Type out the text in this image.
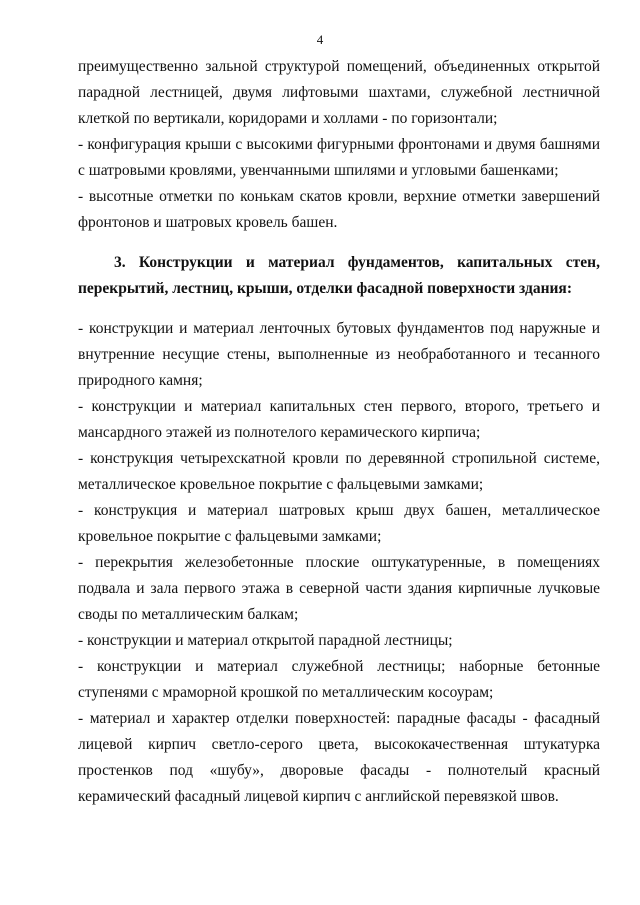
4

преимущественно зальной структурой помещений, объединенных открытой парадной лестницей, двумя лифтовыми шахтами, служебной лестничной клеткой по вертикали, коридорами и холлами - по горизонтали;

- конфигурация крыши с высокими фигурными фронтонами и двумя башнями с шатровыми кровлями, увенчанными шпилями и угловыми башенками;

- высотные отметки по конькам скатов кровли, верхние отметки завершений фронтонов и шатровых кровель башен.

3. Конструкции и материал фундаментов, капитальных стен, перекрытий, лестниц, крыши, отделки фасадной поверхности здания:

- конструкции и материал ленточных бутовых фундаментов под наружные и внутренние несущие стены, выполненные из необработанного и тесанного природного камня;

- конструкции и материал капитальных стен первого, второго, третьего и мансардного этажей из полнотелого керамического кирпича;

- конструкция четырехскатной кровли по деревянной стропильной системе, металлическое кровельное покрытие с фальцевыми замками;

- конструкция и материал шатровых крыш двух башен, металлическое кровельное покрытие с фальцевыми замками;

- перекрытия железобетонные плоские оштукатуренные, в помещениях подвала и зала первого этажа в северной части здания кирпичные лучковые своды по металлическим балкам;

- конструкции и материал открытой парадной лестницы;

- конструкции и материал служебной лестницы; наборные бетонные ступенями с мраморной крошкой по металлическим косоурам;

- материал и характер отделки поверхностей: парадные фасады - фасадный лицевой кирпич светло-серого цвета, высококачественная штукатурка простенков под «шубу», дворовые фасады - полнотелый красный керамический фасадный лицевой кирпич с английской перевязкой швов.
